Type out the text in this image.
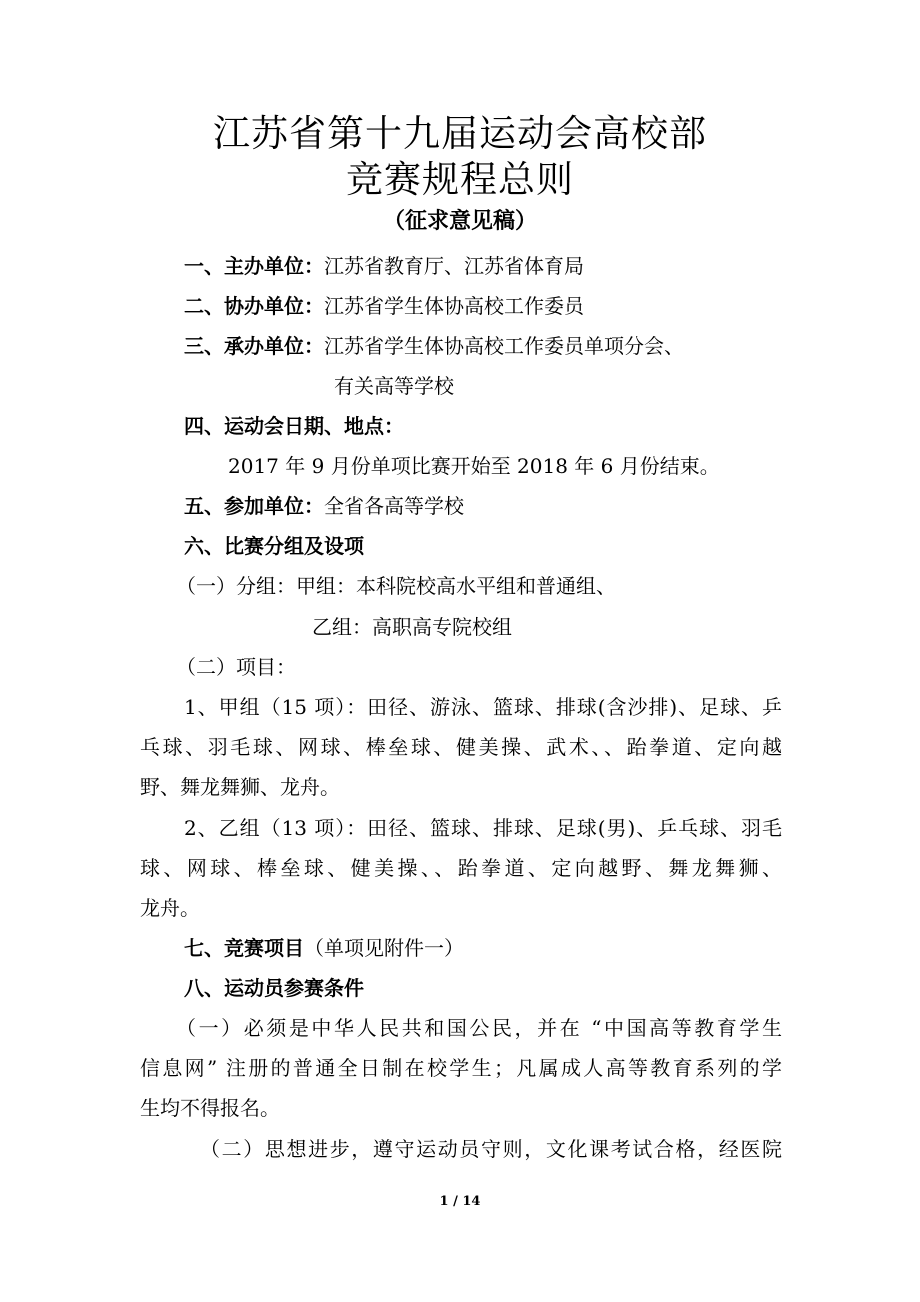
江苏省第十九届运动会高校部
竞赛规程总则
（征求意见稿）
一、主办单位：江苏省教育厅、江苏省体育局
二、协办单位：江苏省学生体协高校工作委员
三、承办单位：江苏省学生体协高校工作委员单项分会、
有关高等学校
四、运动会日期、地点：
2017 年 9 月份单项比赛开始至 2018 年 6 月份结束。
五、参加单位：全省各高等学校
六、比赛分组及设项
（一）分组：甲组：本科院校高水平组和普通组、
乙组：高职高专院校组
（二）项目：
1、甲组（15 项）：田径、游泳、篮球、排球(含沙排)、足球、乒
乓球、羽毛球、网球、棒垒球、健美操、武术、、跆拳道、定向越
野、舞龙舞狮、龙舟。
2、乙组（13 项）：田径、篮球、排球、足球(男)、乒乓球、羽毛
球、网球、棒垒球、健美操、、跆拳道、定向越野、舞龙舞狮、
龙舟。
七、竞赛项目（单项见附件一）
八、运动员参赛条件
（一）必须是中华人民共和国公民，并在 “中国高等教育学生
信息网” 注册的普通全日制在校学生；凡属成人高等教育系列的学
生均不得报名。
（二）思想进步，遵守运动员守则，文化课考试合格，经医院
1 / 14
